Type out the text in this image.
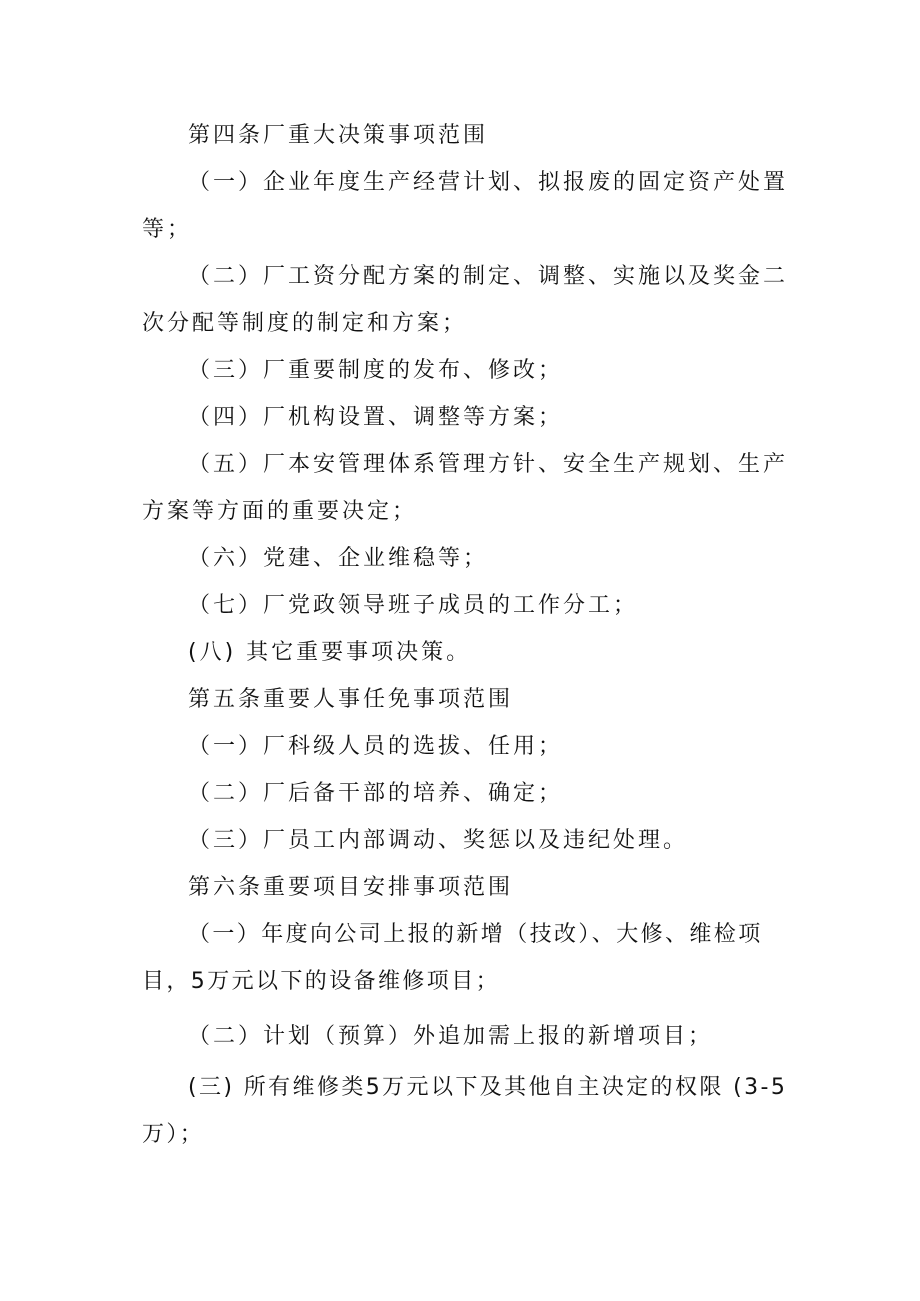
第四条厂重大决策事项范围

（一）企业年度生产经营计划、拟报废的固定资产处置等；

（二）厂工资分配方案的制定、调整、实施以及奖金二次分配等制度的制定和方案；

（三）厂重要制度的发布、修改；

（四）厂机构设置、调整等方案；

（五）厂本安管理体系管理方针、安全生产规划、生产方案等方面的重要决定；

（六）党建、企业维稳等；

（七）厂党政领导班子成员的工作分工；

(八) 其它重要事项决策。

第五条重要人事任免事项范围

（一）厂科级人员的选拔、任用；

（二）厂后备干部的培养、确定；

（三）厂员工内部调动、奖惩以及违纪处理。

第六条重要项目安排事项范围

（一）年度向公司上报的新增（技改）、大修、维检项目，5万元以下的设备维修项目；

（二）计划（预算）外追加需上报的新增项目；

(三) 所有维修类5万元以下及其他自主决定的权限 (3-5万）；
